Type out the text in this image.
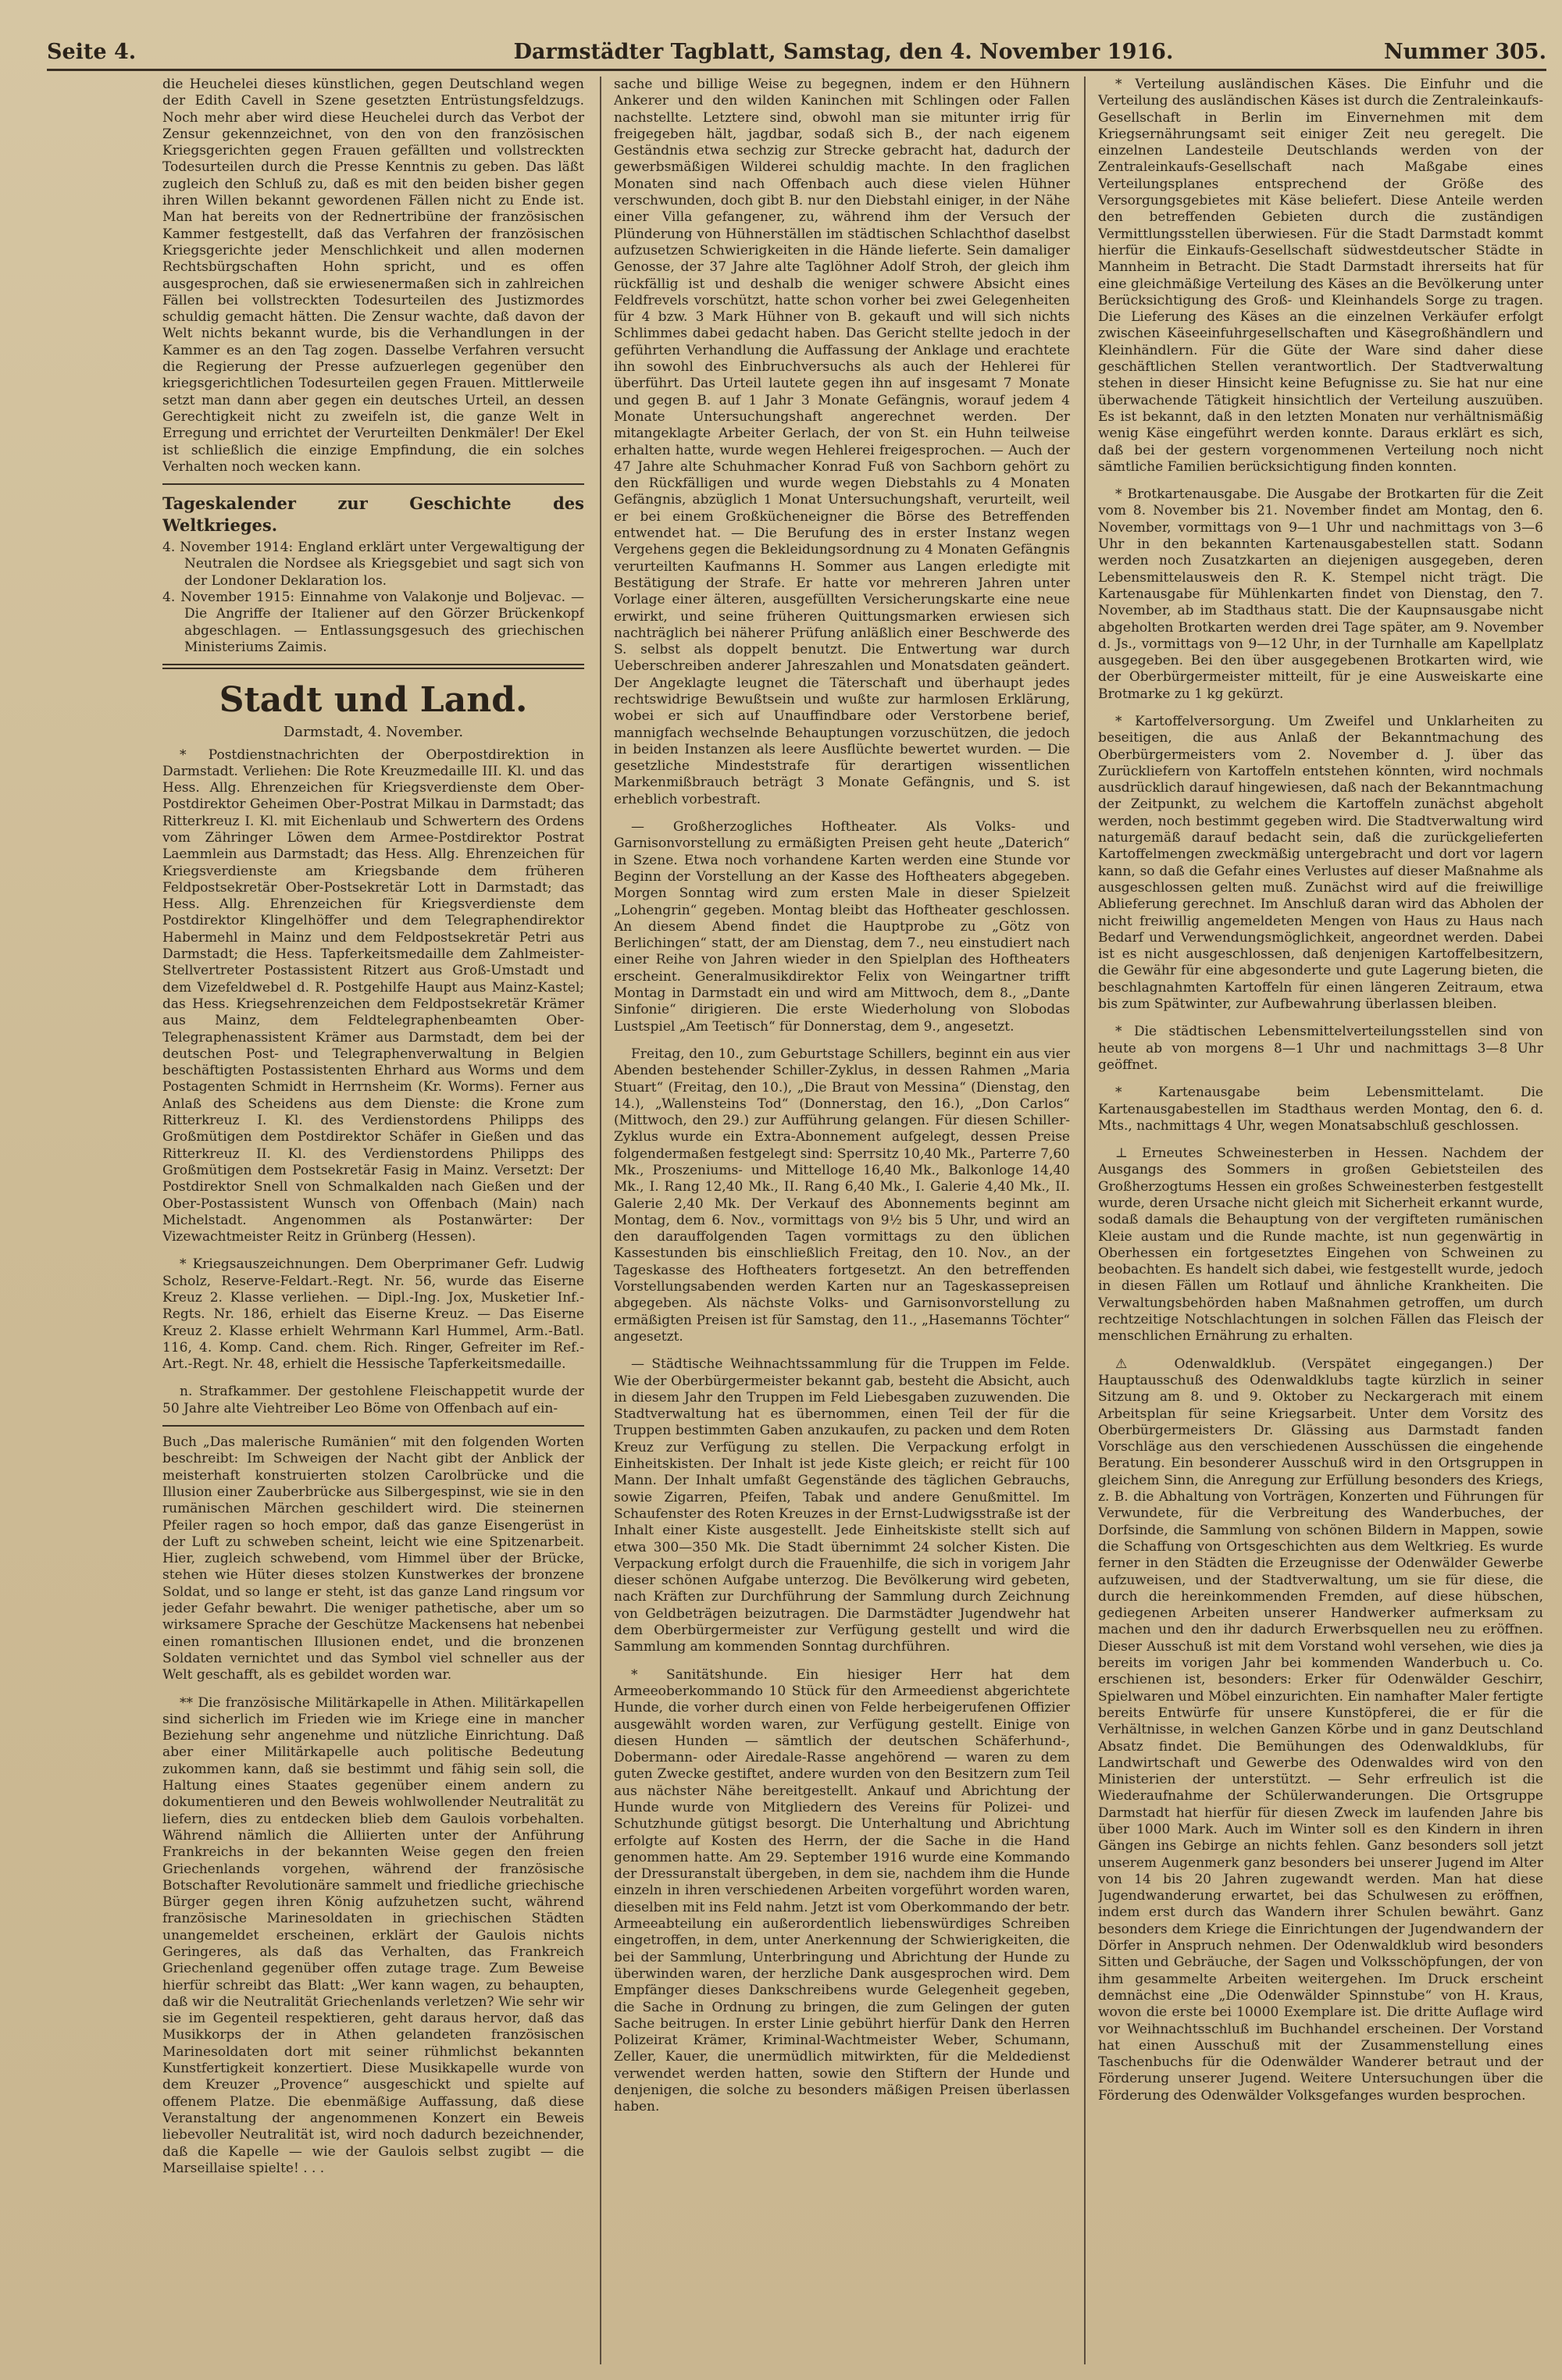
Seite 4.	Darmstädter Tagblatt, Samstag, den 4. November 1916.	Nummer 305.

die Heuchelei dieses künstlichen, gegen Deutschland wegen der Edith Cavell in Szene gesetzten Entrüstungsfeldzugs. Noch mehr aber wird diese Heuchelei durch das Verbot der Zensur gekennzeichnet, von den von den französischen Kriegsgerichten gegen Frauen gefällten und vollstreckten Todesurteilen durch die Presse Kenntnis zu geben. Das läßt zugleich den Schluß zu, daß es mit den beiden bisher gegen ihren Willen bekannt gewordenen Fällen nicht zu Ende ist. Man hat bereits von der Rednertribüne der französischen Kammer festgestellt, daß das Verfahren der französischen Kriegsgerichte jeder Menschlichkeit und allen modernen Rechtsbürgschaften Hohn spricht, und es offen ausgesprochen, daß sie erwiesenermaßen sich in zahlreichen Fällen bei vollstreckten Todesurteilen des Justizmordes schuldig gemacht hätten. Die Zensur wachte, daß davon der Welt nichts bekannt wurde, bis die Verhandlungen in der Kammer es an den Tag zogen. Dasselbe Verfahren versucht die Regierung der Presse aufzuerlegen gegenüber den kriegsgerichtlichen Todesurteilen gegen Frauen. Mittlerweile setzt man dann aber gegen ein deutsches Urteil, an dessen Gerechtigkeit nicht zu zweifeln ist, die ganze Welt in Erregung und errichtet der Verurteilten Denkmäler! Der Ekel ist schließlich die einzige Empfindung, die ein solches Verhalten noch wecken kann.

Tageskalender zur Geschichte des Weltkrieges.

4. November 1914: England erklärt unter Vergewaltigung der Neutralen die Nordsee als Kriegsgebiet und sagt sich von der Londoner Deklaration los.

4. November 1915: Einnahme von Valakonje und Boljevac. — Die Angriffe der Italiener auf den Görzer Brückenkopf abgeschlagen. — Entlassungsgesuch des griechischen Ministeriums Zaimis.

Stadt und Land.
Darmstadt, 4. November.

* Postdienstnachrichten der Oberpostdirektion in Darmstadt. Verliehen: Die Rote Kreuzmedaille III. Kl. und das Hess. Allg. Ehrenzeichen für Kriegsverdienste dem Ober-Postdirektor Geheimen Ober-Postrat Milkau in Darmstadt; das Ritterkreuz I. Kl. mit Eichenlaub und Schwertern des Ordens vom Zähringer Löwen dem Armee-Postdirektor Postrat Laemmlein aus Darmstadt; das Hess. Allg. Ehrenzeichen für Kriegsverdienste am Kriegsbande dem früheren Feldpostsekretär Ober-Postsekretär Lott in Darmstadt; das Hess. Allg. Ehrenzeichen für Kriegsverdienste dem Postdirektor Klingelhöffer und dem Telegraphendirektor Habermehl in Mainz und dem Feldpostsekretär Petri aus Darmstadt; die Hess. Tapferkeitsmedaille dem Zahlmeister-Stellvertreter Postassistent Ritzert aus Groß-Umstadt und dem Vizefeldwebel d. R. Postgehilfe Haupt aus Mainz-Kastel; das Hess. Kriegsehrenzeichen dem Feldpostsekretär Krämer aus Mainz, dem Feldtelegraphenbeamten Ober-Telegraphenassistent Krämer aus Darmstadt, dem bei der deutschen Post- und Telegraphenverwaltung in Belgien beschäftigten Postassistenten Ehrhard aus Worms und dem Postagenten Schmidt in Herrnsheim (Kr. Worms). Ferner aus Anlaß des Scheidens aus dem Dienste: die Krone zum Ritterkreuz I. Kl. des Verdienstordens Philipps des Großmütigen dem Postdirektor Schäfer in Gießen und das Ritterkreuz II. Kl. des Verdienstordens Philipps des Großmütigen dem Postsekretär Fasig in Mainz. Versetzt: Der Postdirektor Snell von Schmalkalden nach Gießen und der Ober-Postassistent Wunsch von Offenbach (Main) nach Michelstadt. Angenommen als Postanwärter: Der Vizewachtmeister Reitz in Grünberg (Hessen).

* Kriegsauszeichnungen. Dem Oberprimaner Gefr. Ludwig Scholz, Reserve-Feldart.-Regt. Nr. 56, wurde das Eiserne Kreuz 2. Klasse verliehen. — Dipl.-Ing. Jox, Musketier Inf.-Regts. Nr. 186, erhielt das Eiserne Kreuz. — Das Eiserne Kreuz 2. Klasse erhielt Wehrmann Karl Hummel, Arm.-Batl. 116, 4. Komp. Cand. chem. Rich. Ringer, Gefreiter im Ref.-Art.-Regt. Nr. 48, erhielt die Hessische Tapferkeitsmedaille.

n. Strafkammer. Der gestohlene Fleischappetit wurde der 50 Jahre alte Viehtreiber Leo Böme von Offenbach auf ein-

Buch „Das malerische Rumänien“ mit den folgenden Worten beschreibt: Im Schweigen der Nacht gibt der Anblick der meisterhaft konstruierten stolzen Carolbrücke und die Illusion einer Zauberbrücke aus Silbergespinst, wie sie in den rumänischen Märchen geschildert wird. Die steinernen Pfeiler ragen so hoch empor, daß das ganze Eisengerüst in der Luft zu schweben scheint, leicht wie eine Spitzenarbeit. Hier, zugleich schwebend, vom Himmel über der Brücke, stehen wie Hüter dieses stolzen Kunstwerkes der bronzene Soldat, und so lange er steht, ist das ganze Land ringsum vor jeder Gefahr bewahrt. Die weniger pathetische, aber um so wirksamere Sprache der Geschütze Mackensens hat nebenbei einen romantischen Illusionen endet, und die bronzenen Soldaten vernichtet und das Symbol viel schneller aus der Welt geschafft, als es gebildet worden war.

** Die französische Militärkapelle in Athen. Militärkapellen sind sicherlich im Frieden wie im Kriege eine in mancher Beziehung sehr angenehme und nützliche Einrichtung. Daß aber einer Militärkapelle auch politische Bedeutung zukommen kann, daß sie bestimmt und fähig sein soll, die Haltung eines Staates gegenüber einem andern zu dokumentieren und den Beweis wohlwollender Neutralität zu liefern, dies zu entdecken blieb dem Gaulois vorbehalten. Während nämlich die Alliierten unter der Anführung Frankreichs in der bekannten Weise gegen den freien Griechenlands vorgehen, während der französische Botschafter Revolutionäre sammelt und friedliche griechische Bürger gegen ihren König aufzuhetzen sucht, während französische Marinesoldaten in griechischen Städten unangemeldet erscheinen, erklärt der Gaulois nichts Geringeres, als daß das Verhalten, das Frankreich Griechenland gegenüber offen zutage trage. Zum Beweise hierfür schreibt das Blatt: „Wer kann wagen, zu behaupten, daß wir die Neutralität Griechenlands verletzen? Wie sehr wir sie im Gegenteil respektieren, geht daraus hervor, daß das Musikkorps der in Athen gelandeten französischen Marinesoldaten dort mit seiner rühmlichst bekannten Kunstfertigkeit konzertiert. Diese Musikkapelle wurde von dem Kreuzer „Provence“ ausgeschickt und spielte auf offenem Platze. Die ebenmäßige Auffassung, daß diese Veranstaltung der angenommenen Konzert ein Beweis liebevoller Neutralität ist, wird noch dadurch bezeichnender, daß die Kapelle — wie der Gaulois selbst zugibt — die Marseillaise spielte! . . .

sache und billige Weise zu begegnen, indem er den Hühnern Ankerer und den wilden Kaninchen mit Schlingen oder Fallen nachstellte. Letztere sind, obwohl man sie mitunter irrig für freigegeben hält, jagdbar, sodaß sich B., der nach eigenem Geständnis etwa sechzig zur Strecke gebracht hat, dadurch der gewerbsmäßigen Wilderei schuldig machte. In den fraglichen Monaten sind nach Offenbach auch diese vielen Hühner verschwunden, doch gibt B. nur den Diebstahl einiger, in der Nähe einer Villa gefangener, zu, während ihm der Versuch der Plünderung von Hühnerställen im städtischen Schlachthof daselbst aufzusetzen Schwierigkeiten in die Hände lieferte. Sein damaliger Genosse, der 37 Jahre alte Taglöhner Adolf Stroh, der gleich ihm rückfällig ist und deshalb die weniger schwere Absicht eines Feldfrevels vorschützt, hatte schon vorher bei zwei Gelegenheiten für 4 bzw. 3 Mark Hühner von B. gekauft und will sich nichts Schlimmes dabei gedacht haben. Das Gericht stellte jedoch in der geführten Verhandlung die Auffassung der Anklage und erachtete ihn sowohl des Einbruchversuchs als auch der Hehlerei für überführt. Das Urteil lautete gegen ihn auf insgesamt 7 Monate und gegen B. auf 1 Jahr 3 Monate Gefängnis, worauf jedem 4 Monate Untersuchungshaft angerechnet werden. Der mitangeklagte Arbeiter Gerlach, der von St. ein Huhn teilweise erhalten hatte, wurde wegen Hehlerei freigesprochen. — Auch der 47 Jahre alte Schuhmacher Konrad Fuß von Sachborn gehört zu den Rückfälligen und wurde wegen Diebstahls zu 4 Monaten Gefängnis, abzüglich 1 Monat Untersuchungshaft, verurteilt, weil er bei einem Großkücheneigner die Börse des Betreffenden entwendet hat. — Die Berufung des in erster Instanz wegen Vergehens gegen die Bekleidungsordnung zu 4 Monaten Gefängnis verurteilten Kaufmanns H. Sommer aus Langen erledigte mit Bestätigung der Strafe. Er hatte vor mehreren Jahren unter Vorlage einer älteren, ausgefüllten Versicherungskarte eine neue erwirkt, und seine früheren Quittungsmarken erwiesen sich nachträglich bei näherer Prüfung anläßlich einer Beschwerde des S. selbst als doppelt benutzt. Die Entwertung war durch Ueberschreiben anderer Jahreszahlen und Monatsdaten geändert. Der Angeklagte leugnet die Täterschaft und überhaupt jedes rechtswidrige Bewußtsein und wußte zur harmlosen Erklärung, wobei er sich auf Unauffindbare oder Verstorbene berief, mannigfach wechselnde Behauptungen vorzuschützen, die jedoch in beiden Instanzen als leere Ausflüchte bewertet wurden. — Die gesetzliche Mindeststrafe für derartigen wissentlichen Markenmißbrauch beträgt 3 Monate Gefängnis, und S. ist erheblich vorbestraft.

— Großherzogliches Hoftheater. Als Volks- und Garnisonvorstellung zu ermäßigten Preisen geht heute „Daterich“ in Szene. Etwa noch vorhandene Karten werden eine Stunde vor Beginn der Vorstellung an der Kasse des Hoftheaters abgegeben. Morgen Sonntag wird zum ersten Male in dieser Spielzeit „Lohengrin“ gegeben. Montag bleibt das Hoftheater geschlossen. An diesem Abend findet die Hauptprobe zu „Götz von Berlichingen“ statt, der am Dienstag, dem 7., neu einstudiert nach einer Reihe von Jahren wieder in den Spielplan des Hoftheaters erscheint. Generalmusikdirektor Felix von Weingartner trifft Montag in Darmstadt ein und wird am Mittwoch, dem 8., „Dante Sinfonie“ dirigieren. Die erste Wiederholung von Slobodas Lustspiel „Am Teetisch“ für Donnerstag, dem 9., angesetzt.

Freitag, den 10., zum Geburtstage Schillers, beginnt ein aus vier Abenden bestehender Schiller-Zyklus, in dessen Rahmen „Maria Stuart“ (Freitag, den 10.), „Die Braut von Messina“ (Dienstag, den 14.), „Wallensteins Tod“ (Donnerstag, den 16.), „Don Carlos“ (Mittwoch, den 29.) zur Aufführung gelangen. Für diesen Schiller-Zyklus wurde ein Extra-Abonnement aufgelegt, dessen Preise folgendermaßen festgelegt sind: Sperrsitz 10,40 Mk., Parterre 7,60 Mk., Proszeniums- und Mittelloge 16,40 Mk., Balkonloge 14,40 Mk., I. Rang 12,40 Mk., II. Rang 6,40 Mk., I. Galerie 4,40 Mk., II. Galerie 2,40 Mk. Der Verkauf des Abonnements beginnt am Montag, dem 6. Nov., vormittags von 9½ bis 5 Uhr, und wird an den darauffolgenden Tagen vormittags zu den üblichen Kassestunden bis einschließlich Freitag, den 10. Nov., an der Tageskasse des Hoftheaters fortgesetzt. An den betreffenden Vorstellungsabenden werden Karten nur an Tageskassepreisen abgegeben. Als nächste Volks- und Garnisonvorstellung zu ermäßigten Preisen ist für Samstag, den 11., „Hasemanns Töchter“ angesetzt.

— Städtische Weihnachtssammlung für die Truppen im Felde. Wie der Oberbürgermeister bekannt gab, besteht die Absicht, auch in diesem Jahr den Truppen im Feld Liebesgaben zuzuwenden. Die Stadtverwaltung hat es übernommen, einen Teil der für die Truppen bestimmten Gaben anzukaufen, zu packen und dem Roten Kreuz zur Verfügung zu stellen. Die Verpackung erfolgt in Einheitskisten. Der Inhalt ist jede Kiste gleich; er reicht für 100 Mann. Der Inhalt umfaßt Gegenstände des täglichen Gebrauchs, sowie Zigarren, Pfeifen, Tabak und andere Genußmittel. Im Schaufenster des Roten Kreuzes in der Ernst-Ludwigsstraße ist der Inhalt einer Kiste ausgestellt. Jede Einheitskiste stellt sich auf etwa 300—350 Mk. Die Stadt übernimmt 24 solcher Kisten. Die Verpackung erfolgt durch die Frauenhilfe, die sich in vorigem Jahr dieser schönen Aufgabe unterzog. Die Bevölkerung wird gebeten, nach Kräften zur Durchführung der Sammlung durch Zeichnung von Geldbeträgen beizutragen. Die Darmstädter Jugendwehr hat dem Oberbürgermeister zur Verfügung gestellt und wird die Sammlung am kommenden Sonntag durchführen.

* Sanitätshunde. Ein hiesiger Herr hat dem Armeeoberkommando 10 Stück für den Armeedienst abgerichtete Hunde, die vorher durch einen von Felde herbeigerufenen Offizier ausgewählt worden waren, zur Verfügung gestellt. Einige von diesen Hunden — sämtlich der deutschen Schäferhund-, Dobermann- oder Airedale-Rasse angehörend — waren zu dem guten Zwecke gestiftet, andere wurden von den Besitzern zum Teil aus nächster Nähe bereitgestellt. Ankauf und Abrichtung der Hunde wurde von Mitgliedern des Vereins für Polizei- und Schutzhunde gütigst besorgt. Die Unterhaltung und Abrichtung erfolgte auf Kosten des Herrn, der die Sache in die Hand genommen hatte. Am 29. September 1916 wurde eine Kommando der Dressuranstalt übergeben, in dem sie, nachdem ihm die Hunde einzeln in ihren verschiedenen Arbeiten vorgeführt worden waren, dieselben mit ins Feld nahm. Jetzt ist vom Oberkommando der betr. Armeeabteilung ein außerordentlich liebenswürdiges Schreiben eingetroffen, in dem, unter Anerkennung der Schwierigkeiten, die bei der Sammlung, Unterbringung und Abrichtung der Hunde zu überwinden waren, der herzliche Dank ausgesprochen wird. Dem Empfänger dieses Dankschreibens wurde Gelegenheit gegeben, die Sache in Ordnung zu bringen, die zum Gelingen der guten Sache beitrugen. In erster Linie gebührt hierfür Dank den Herren Polizeirat Krämer, Kriminal-Wachtmeister Weber, Schumann, Zeller, Kauer, die unermüdlich mitwirkten, für die Meldedienst verwendet werden hatten, sowie den Stiftern der Hunde und denjenigen, die solche zu besonders mäßigen Preisen überlassen haben.

* Verteilung ausländischen Käses. Die Einfuhr und die Verteilung des ausländischen Käses ist durch die Zentraleinkaufs-Gesellschaft in Berlin im Einvernehmen mit dem Kriegsernährungsamt seit einiger Zeit neu geregelt. Die einzelnen Landesteile Deutschlands werden von der Zentraleinkaufs-Gesellschaft nach Maßgabe eines Verteilungsplanes entsprechend der Größe des Versorgungsgebietes mit Käse beliefert. Diese Anteile werden den betreffenden Gebieten durch die zuständigen Vermittlungsstellen überwiesen. Für die Stadt Darmstadt kommt hierfür die Einkaufs-Gesellschaft südwestdeutscher Städte in Mannheim in Betracht. Die Stadt Darmstadt ihrerseits hat für eine gleichmäßige Verteilung des Käses an die Bevölkerung unter Berücksichtigung des Groß- und Kleinhandels Sorge zu tragen. Die Lieferung des Käses an die einzelnen Verkäufer erfolgt zwischen Käseeinfuhrgesellschaften und Käsegroßhändlern und Kleinhändlern. Für die Güte der Ware sind daher diese geschäftlichen Stellen verantwortlich. Der Stadtverwaltung stehen in dieser Hinsicht keine Befugnisse zu. Sie hat nur eine überwachende Tätigkeit hinsichtlich der Verteilung auszuüben. Es ist bekannt, daß in den letzten Monaten nur verhältnismäßig wenig Käse eingeführt werden konnte. Daraus erklärt es sich, daß bei der gestern vorgenommenen Verteilung noch nicht sämtliche Familien berücksichtigung finden konnten.

* Brotkartenausgabe. Die Ausgabe der Brotkarten für die Zeit vom 8. November bis 21. November findet am Montag, den 6. November, vormittags von 9—1 Uhr und nachmittags von 3—6 Uhr in den bekannten Kartenausgabestellen statt. Sodann werden noch Zusatzkarten an diejenigen ausgegeben, deren Lebensmittelausweis den R. K. Stempel nicht trägt. Die Kartenausgabe für Mühlenkarten findet von Dienstag, den 7. November, ab im Stadthaus statt. Die der Kaupnsausgabe nicht abgeholten Brotkarten werden drei Tage später, am 9. November d. Js., vormittags von 9—12 Uhr, in der Turnhalle am Kapellplatz ausgegeben. Bei den über ausgegebenen Brotkarten wird, wie der Oberbürgermeister mitteilt, für je eine Ausweiskarte eine Brotmarke zu 1 kg gekürzt.

* Kartoffelversorgung. Um Zweifel und Unklarheiten zu beseitigen, die aus Anlaß der Bekanntmachung des Oberbürgermeisters vom 2. November d. J. über das Zurückliefern von Kartoffeln entstehen könnten, wird nochmals ausdrücklich darauf hingewiesen, daß nach der Bekanntmachung der Zeitpunkt, zu welchem die Kartoffeln zunächst abgeholt werden, noch bestimmt gegeben wird. Die Stadtverwaltung wird naturgemäß darauf bedacht sein, daß die zurückgelieferten Kartoffelmengen zweckmäßig untergebracht und dort vor lagern kann, so daß die Gefahr eines Verlustes auf dieser Maßnahme als ausgeschlossen gelten muß. Zunächst wird auf die freiwillige Ablieferung gerechnet. Im Anschluß daran wird das Abholen der nicht freiwillig angemeldeten Mengen von Haus zu Haus nach Bedarf und Verwendungsmöglichkeit, angeordnet werden. Dabei ist es nicht ausgeschlossen, daß denjenigen Kartoffelbesitzern, die Gewähr für eine abgesonderte und gute Lagerung bieten, die beschlagnahmten Kartoffeln für einen längeren Zeitraum, etwa bis zum Spätwinter, zur Aufbewahrung überlassen bleiben.

* Die städtischen Lebensmittelverteilungsstellen sind von heute ab von morgens 8—1 Uhr und nachmittags 3—8 Uhr geöffnet.

* Kartenausgabe beim Lebensmittelamt. Die Kartenausgabestellen im Stadthaus werden Montag, den 6. d. Mts., nachmittags 4 Uhr, wegen Monatsabschluß geschlossen.

⊥ Erneutes Schweinesterben in Hessen. Nachdem der Ausgangs des Sommers in großen Gebietsteilen des Großherzogtums Hessen ein großes Schweinesterben festgestellt wurde, deren Ursache nicht gleich mit Sicherheit erkannt wurde, sodaß damals die Behauptung von der vergifteten rumänischen Kleie austam und die Runde machte, ist nun gegenwärtig in Oberhessen ein fortgesetztes Eingehen von Schweinen zu beobachten. Es handelt sich dabei, wie festgestellt wurde, jedoch in diesen Fällen um Rotlauf und ähnliche Krankheiten. Die Verwaltungsbehörden haben Maßnahmen getroffen, um durch rechtzeitige Notschlachtungen in solchen Fällen das Fleisch der menschlichen Ernährung zu erhalten.

⚠ Odenwaldklub. (Verspätet eingegangen.) Der Hauptausschuß des Odenwaldklubs tagte kürzlich in seiner Sitzung am 8. und 9. Oktober zu Neckargerach mit einem Arbeitsplan für seine Kriegsarbeit. Unter dem Vorsitz des Oberbürgermeisters Dr. Glässing aus Darmstadt fanden Vorschläge aus den verschiedenen Ausschüssen die eingehende Beratung. Ein besonderer Ausschuß wird in den Ortsgruppen in gleichem Sinn, die Anregung zur Erfüllung besonders des Kriegs, z. B. die Abhaltung von Vorträgen, Konzerten und Führungen für Verwundete, für die Verbreitung des Wanderbuches, der Dorfsinde, die Sammlung von schönen Bildern in Mappen, sowie die Schaffung von Ortsgeschichten aus dem Weltkrieg. Es wurde ferner in den Städten die Erzeugnisse der Odenwälder Gewerbe aufzuweisen, und der Stadtverwaltung, um sie für diese, die durch die hereinkommenden Fremden, auf diese hübschen, gediegenen Arbeiten unserer Handwerker aufmerksam zu machen und den ihr dadurch Erwerbsquellen neu zu eröffnen. Dieser Ausschuß ist mit dem Vorstand wohl versehen, wie dies ja bereits im vorigen Jahr bei kommenden Wanderbuch u. Co. erschienen ist, besonders: Erker für Odenwälder Geschirr, Spielwaren und Möbel einzurichten. Ein namhafter Maler fertigte bereits Entwürfe für unsere Kunstöpferei, die er für die Verhältnisse, in welchen Ganzen Körbe und in ganz Deutschland Absatz findet. Die Bemühungen des Odenwaldklubs, für Landwirtschaft und Gewerbe des Odenwaldes wird von den Ministerien der unterstützt. — Sehr erfreulich ist die Wiederaufnahme der Schülerwanderungen. Die Ortsgruppe Darmstadt hat hierfür für diesen Zweck im laufenden Jahre bis über 1000 Mark. Auch im Winter soll es den Kindern in ihren Gängen ins Gebirge an nichts fehlen. Ganz besonders soll jetzt unserem Augenmerk ganz besonders bei unserer Jugend im Alter von 14 bis 20 Jahren zugewandt werden. Man hat diese Jugendwanderung erwartet, bei das Schulwesen zu eröffnen, indem erst durch das Wandern ihrer Schulen bewährt. Ganz besonders dem Kriege die Einrichtungen der Jugendwandern der Dörfer in Anspruch nehmen. Der Odenwaldklub wird besonders Sitten und Gebräuche, der Sagen und Volksschöpfungen, der von ihm gesammelte Arbeiten weitergehen. Im Druck erscheint demnächst eine „Die Odenwälder Spinnstube“ von H. Kraus, wovon die erste bei 10000 Exemplare ist. Die dritte Auflage wird vor Weihnachtsschluß im Buchhandel erscheinen. Der Vorstand hat einen Ausschuß mit der Zusammenstellung eines Taschenbuchs für die Odenwälder Wanderer betraut und der Förderung unserer Jugend. Weitere Untersuchungen über die Förderung des Odenwälder Volksgefanges wurden besprochen.
